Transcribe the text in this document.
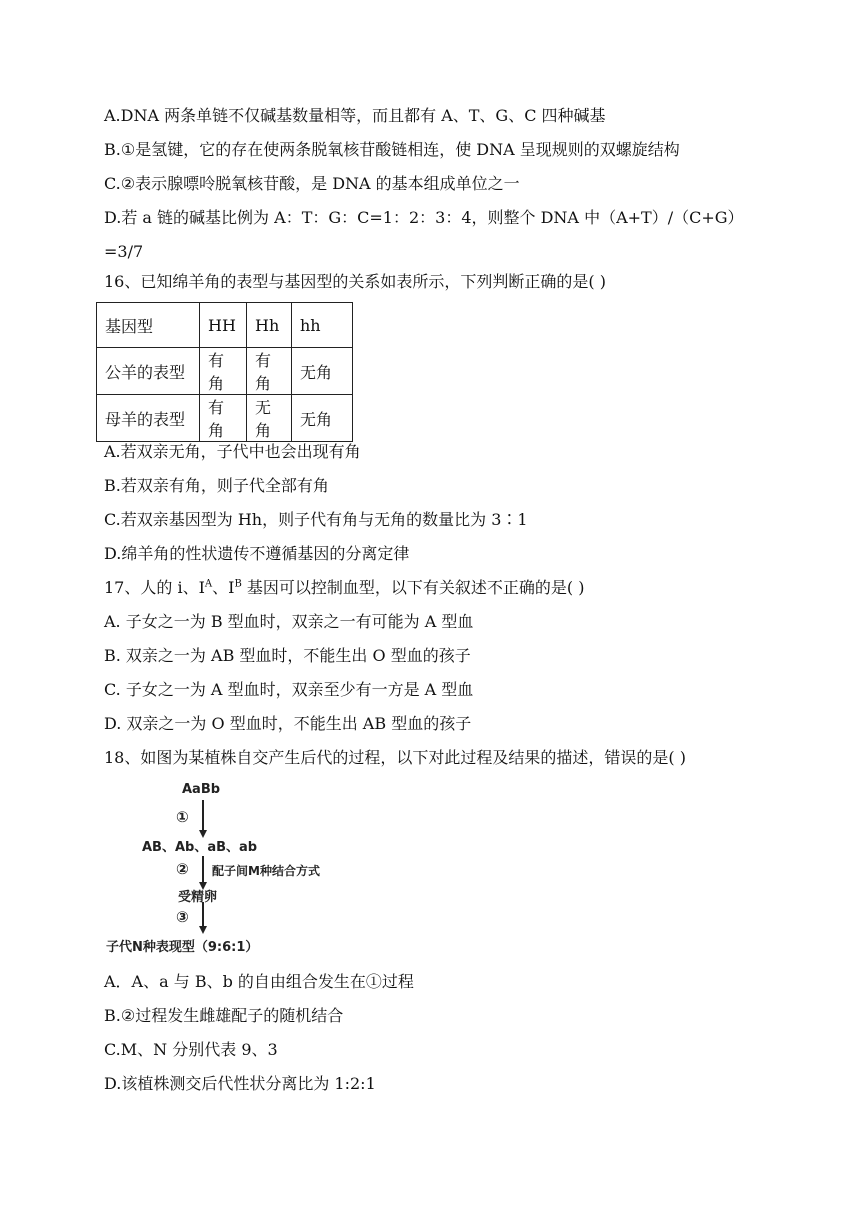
A.DNA 两条单链不仅碱基数量相等，而且都有 A、T、G、C 四种碱基
B.①是氢键，它的存在使两条脱氧核苷酸链相连，使 DNA 呈现规则的双螺旋结构
C.②表示腺嘌呤脱氧核苷酸，是 DNA 的基本组成单位之一
D.若 a 链的碱基比例为 A：T：G：C=1：2：3：4，则整个 DNA 中（A+T）/（C+G）
=3/7
16、已知绵羊角的表型与基因型的关系如表所示，下列判断正确的是( )
基因型	HH	Hh	hh
公羊的表型	有角	有角	无角
母羊的表型	有角	无角	无角
A.若双亲无角，子代中也会出现有角
B.若双亲有角，则子代全部有角
C.若双亲基因型为 Hh，则子代有角与无角的数量比为 3∶1
D.绵羊角的性状遗传不遵循基因的分离定律
17、人的 i、$I^A$、$I^B$ 基因可以控制血型，以下有关叙述不正确的是( )
A. 子女之一为 B 型血时，双亲之一有可能为 A 型血
B. 双亲之一为 AB 型血时，不能生出 O 型血的孩子
C. 子女之一为 A 型血时，双亲至少有一方是 A 型血
D. 双亲之一为 O 型血时，不能生出 AB 型血的孩子
18、如图为某植株自交产生后代的过程，以下对此过程及结果的描述，错误的是( )
AaBb
①
AB、Ab、aB、ab
② 配子间M种结合方式
受精卵
③
子代N种表现型（9:6:1）
A．A、a 与 B、b 的自由组合发生在①过程
B.②过程发生雌雄配子的随机结合
C.M、N 分别代表 9、3
D.该植株测交后代性状分离比为 1:2:1
